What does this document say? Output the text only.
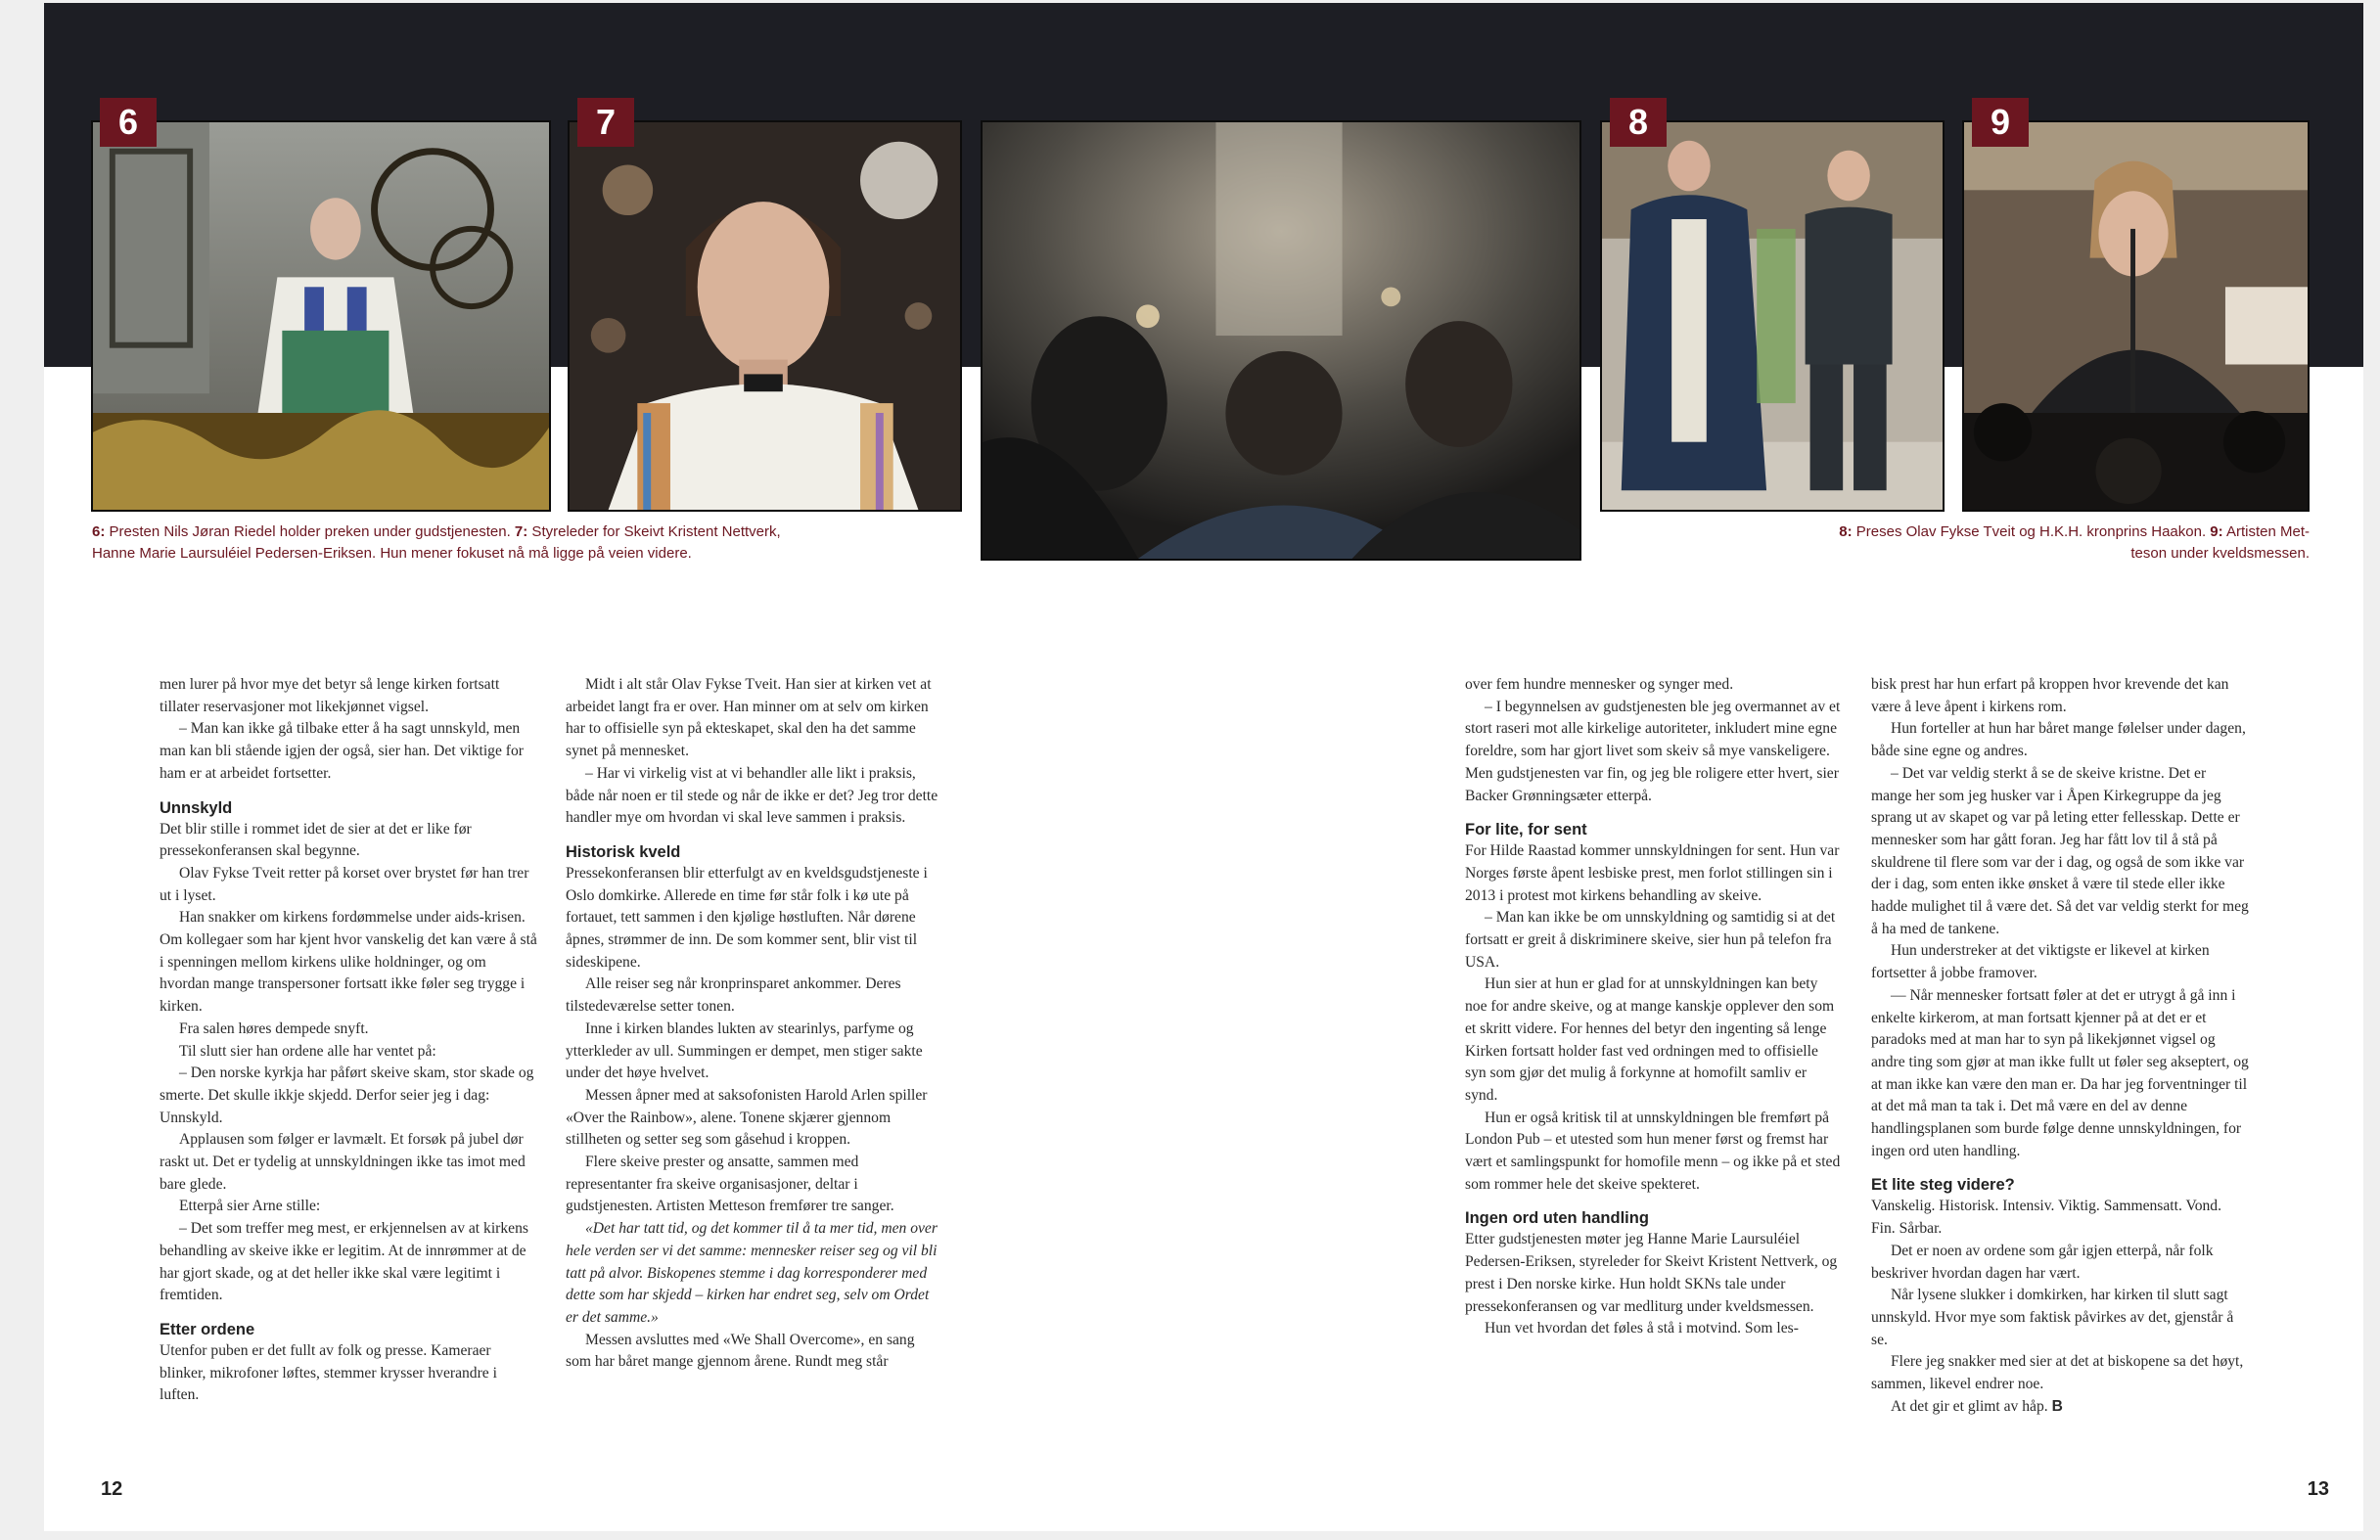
6	7	8	9
6: Presten Nils Jøran Riedel holder preken under gudstjenesten. 7: Styreleder for Skeivt Kristent Nettverk,
Hanne Marie Laursuléiel Pedersen-Eriksen. Hun mener fokuset nå må ligge på veien videre.
8: Preses Olav Fykse Tveit og H.K.H. kronprins Haakon. 9: Artisten Met-
teson under kveldsmessen.

men lurer på hvor mye det betyr så lenge kirken fortsatt tillater reservasjoner mot likekjønnet vigsel.

– Man kan ikke gå tilbake etter å ha sagt unnskyld, men man kan bli stående igjen der også, sier han. Det viktige for ham er at arbeidet fortsetter.

Unnskyld

Det blir stille i rommet idet de sier at det er like før pressekonferansen skal begynne.

Olav Fykse Tveit retter på korset over brystet før han trer ut i lyset.

Han snakker om kirkens fordømmelse under aids-krisen. Om kollegaer som har kjent hvor vanskelig det kan være å stå i spenningen mellom kirkens ulike holdninger, og om hvordan mange transpersoner fortsatt ikke føler seg trygge i kirken.

Fra salen høres dempede snyft.

Til slutt sier han ordene alle har ventet på:

– Den norske kyrkja har påført skeive skam, stor skade og smerte. Det skulle ikkje skjedd. Derfor seier jeg i dag: Unnskyld.

Applausen som følger er lavmælt. Et forsøk på jubel dør raskt ut. Det er tydelig at unnskyldningen ikke tas imot med bare glede.

Etterpå sier Arne stille:

– Det som treffer meg mest, er erkjennelsen av at kirkens behandling av skeive ikke er legitim. At de innrømmer at de har gjort skade, og at det heller ikke skal være legitimt i fremtiden.

Etter ordene

Utenfor puben er det fullt av folk og presse. Kameraer blinker, mikrofoner løftes, stemmer krysser hverandre i luften.

Midt i alt står Olav Fykse Tveit. Han sier at kirken vet at arbeidet langt fra er over. Han minner om at selv om kirken har to offisielle syn på ekteskapet, skal den ha det samme synet på mennesket.

– Har vi virkelig vist at vi behandler alle likt i praksis, både når noen er til stede og når de ikke er det? Jeg tror dette handler mye om hvordan vi skal leve sammen i praksis.

Historisk kveld

Pressekonferansen blir etterfulgt av en kveldsgudstjeneste i Oslo domkirke. Allerede en time før står folk i kø ute på fortauet, tett sammen i den kjølige høstluften. Når dørene åpnes, strømmer de inn. De som kommer sent, blir vist til sideskipene.

Alle reiser seg når kronprinsparet ankommer. Deres tilstedeværelse setter tonen.

Inne i kirken blandes lukten av stearinlys, parfyme og ytterkleder av ull. Summingen er dempet, men stiger sakte under det høye hvelvet.

Messen åpner med at saksofonisten Harold Arlen spiller «Over the Rainbow», alene. Tonene skjærer gjennom stillheten og setter seg som gåsehud i kroppen.

Flere skeive prester og ansatte, sammen med representanter fra skeive organisasjoner, deltar i gudstjenesten. Artisten Metteson fremfører tre sanger.

«Det har tatt tid, og det kommer til å ta mer tid, men over hele verden ser vi det samme: mennesker reiser seg og vil bli tatt på alvor. Biskopenes stemme i dag korresponderer med dette som har skjedd – kirken har endret seg, selv om Ordet er det samme.»

Messen avsluttes med «We Shall Overcome», en sang som har båret mange gjennom årene. Rundt meg står

over fem hundre mennesker og synger med.

– I begynnelsen av gudstjenesten ble jeg overmannet av et stort raseri mot alle kirkelige autoriteter, inkludert mine egne foreldre, som har gjort livet som skeiv så mye vanskeligere. Men gudstjenesten var fin, og jeg ble roligere etter hvert, sier Backer Grønningsæter etterpå.

For lite, for sent

For Hilde Raastad kommer unnskyldningen for sent. Hun var Norges første åpent lesbiske prest, men forlot stillingen sin i 2013 i protest mot kirkens behandling av skeive.

– Man kan ikke be om unnskyldning og samtidig si at det fortsatt er greit å diskriminere skeive, sier hun på telefon fra USA.

Hun sier at hun er glad for at unnskyldningen kan bety noe for andre skeive, og at mange kanskje opplever den som et skritt videre. For hennes del betyr den ingenting så lenge Kirken fortsatt holder fast ved ordningen med to offisielle syn som gjør det mulig å forkynne at homofilt samliv er synd.

Hun er også kritisk til at unnskyldningen ble fremført på London Pub – et utested som hun mener først og fremst har vært et samlingspunkt for homofile menn – og ikke på et sted som rommer hele det skeive spekteret.

Ingen ord uten handling

Etter gudstjenesten møter jeg Hanne Marie Laursuléiel Pedersen-Eriksen, styreleder for Skeivt Kristent Nettverk, og prest i Den norske kirke. Hun holdt SKNs tale under pressekonferansen og var medliturg under kveldsmessen.

Hun vet hvordan det føles å stå i motvind. Som les-

bisk prest har hun erfart på kroppen hvor krevende det kan være å leve åpent i kirkens rom.

Hun forteller at hun har båret mange følelser under dagen, både sine egne og andres.

– Det var veldig sterkt å se de skeive kristne. Det er mange her som jeg husker var i Åpen Kirkegruppe da jeg sprang ut av skapet og var på leting etter fellesskap. Dette er mennesker som har gått foran. Jeg har fått lov til å stå på skuldrene til flere som var der i dag, og også de som ikke var der i dag, som enten ikke ønsket å være til stede eller ikke hadde mulighet til å være det. Så det var veldig sterkt for meg å ha med de tankene.

Hun understreker at det viktigste er likevel at kirken fortsetter å jobbe framover.

— Når mennesker fortsatt føler at det er utrygt å gå inn i enkelte kirkerom, at man fortsatt kjenner på at det er et paradoks med at man har to syn på likekjønnet vigsel og andre ting som gjør at man ikke fullt ut føler seg akseptert, og at man ikke kan være den man er. Da har jeg forventninger til at det må man ta tak i. Det må være en del av denne handlingsplanen som burde følge denne unnskyldningen, for ingen ord uten handling.

Et lite steg videre?

Vanskelig. Historisk. Intensiv. Viktig. Sammensatt. Vond. Fin. Sårbar.

Det er noen av ordene som går igjen etterpå, når folk beskriver hvordan dagen har vært.

Når lysene slukker i domkirken, har kirken til slutt sagt unnskyld. Hvor mye som faktisk påvirkes av det, gjenstår å se.

Flere jeg snakker med sier at det at biskopene sa det høyt, sammen, likevel endrer noe.

At det gir et glimt av håp. B

12	13
